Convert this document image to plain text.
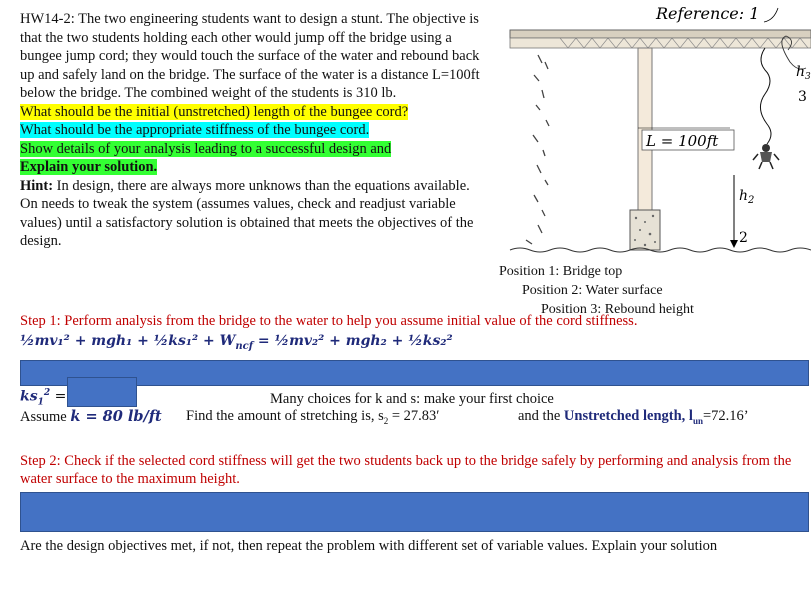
HW14-2: The two engineering students want to design a stunt. The objective is that the two students holding each other would jump off the bridge using a bungee jump cord; they would touch the surface of the water and rebound back up and safely land on the bridge. The surface of the water is a distance L=100ft below the bridge. The combined weight of the students is 310 lb.

What should be the initial (unstretched) length of the bungee cord?

What should be the appropriate stiffness of the bungee cord.

Show details of your analysis leading to a successful design and

Explain your solution.

Hint: In design, there are always more unknows than the equations available. On needs to tweak the system (assumes values, check and readjust variable values) until a satisfactory solution is obtained that meets the objectives of the design.

L = 100ft
$h_2$
2
Reference: 1
$h_3$
3
Position 1: Bridge top
Position 2: Water surface
Position 3: Rebound height
Step 1: Perform analysis from the bridge to the water to help you assume initial value of the cord stiffness.
½mv₁² + mgh₁ + ½ks₁² + $W_{ncf}$ = ½mv₂² + mgh₂ + ½ks₂²
$ks_1^2$ =	Many choices for k and s: make your first choice
Assume k = 80 lb/ft Find the amount of stretching is, $s_2 = 27.83'$	and the Unstretched length, $l_{un}=72.16$’
Step 2: Check if the selected cord stiffness will get the two students back up to the bridge safely by performing and analysis from the water surface to the maximum height.
Are the design objectives met, if not, then repeat the problem with different set of variable values. Explain your solution
